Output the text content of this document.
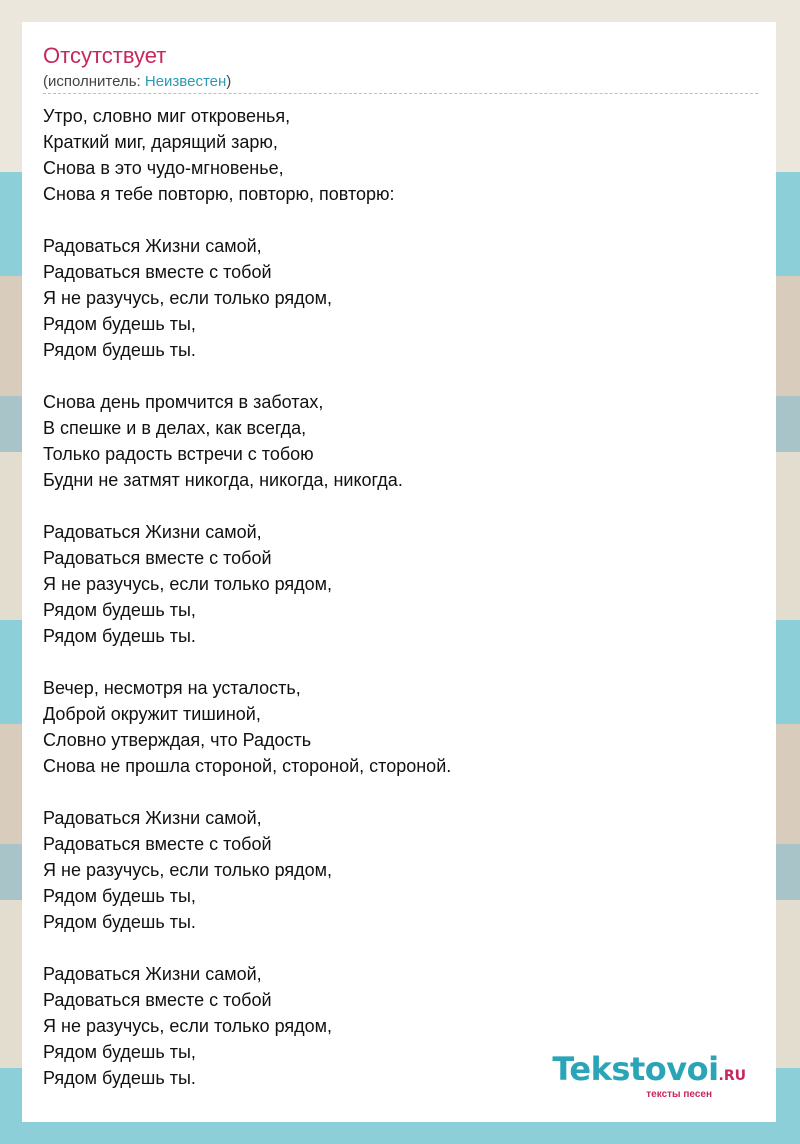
Отсутствует
(исполнитель: Неизвестен)
Утро, словно миг откровенья,
Краткий миг, дарящий зарю,
Снова в это чудо-мгновенье,
Снова я тебе повторю, повторю, повторю:
Радоваться Жизни самой,
Радоваться вместе с тобой
Я не разучусь, если только рядом,
Рядом будешь ты,
Рядом будешь ты.
Снова день промчится в заботах,
В спешке и в делах, как всегда,
Только радость встречи с тобою
Будни не затмят никогда, никогда, никогда.
Радоваться Жизни самой,
Радоваться вместе с тобой
Я не разучусь, если только рядом,
Рядом будешь ты,
Рядом будешь ты.
Вечер, несмотря на усталость,
Доброй окружит тишиной,
Словно утверждая, что Радость
Снова не прошла стороной, стороной, стороной.
Радоваться Жизни самой,
Радоваться вместе с тобой
Я не разучусь, если только рядом,
Рядом будешь ты,
Рядом будешь ты.
Радоваться Жизни самой,
Радоваться вместе с тобой
Я не разучусь, если только рядом,
Рядом будешь ты,
Рядом будешь ты.	Tekstovoi.RU
тексты песен
